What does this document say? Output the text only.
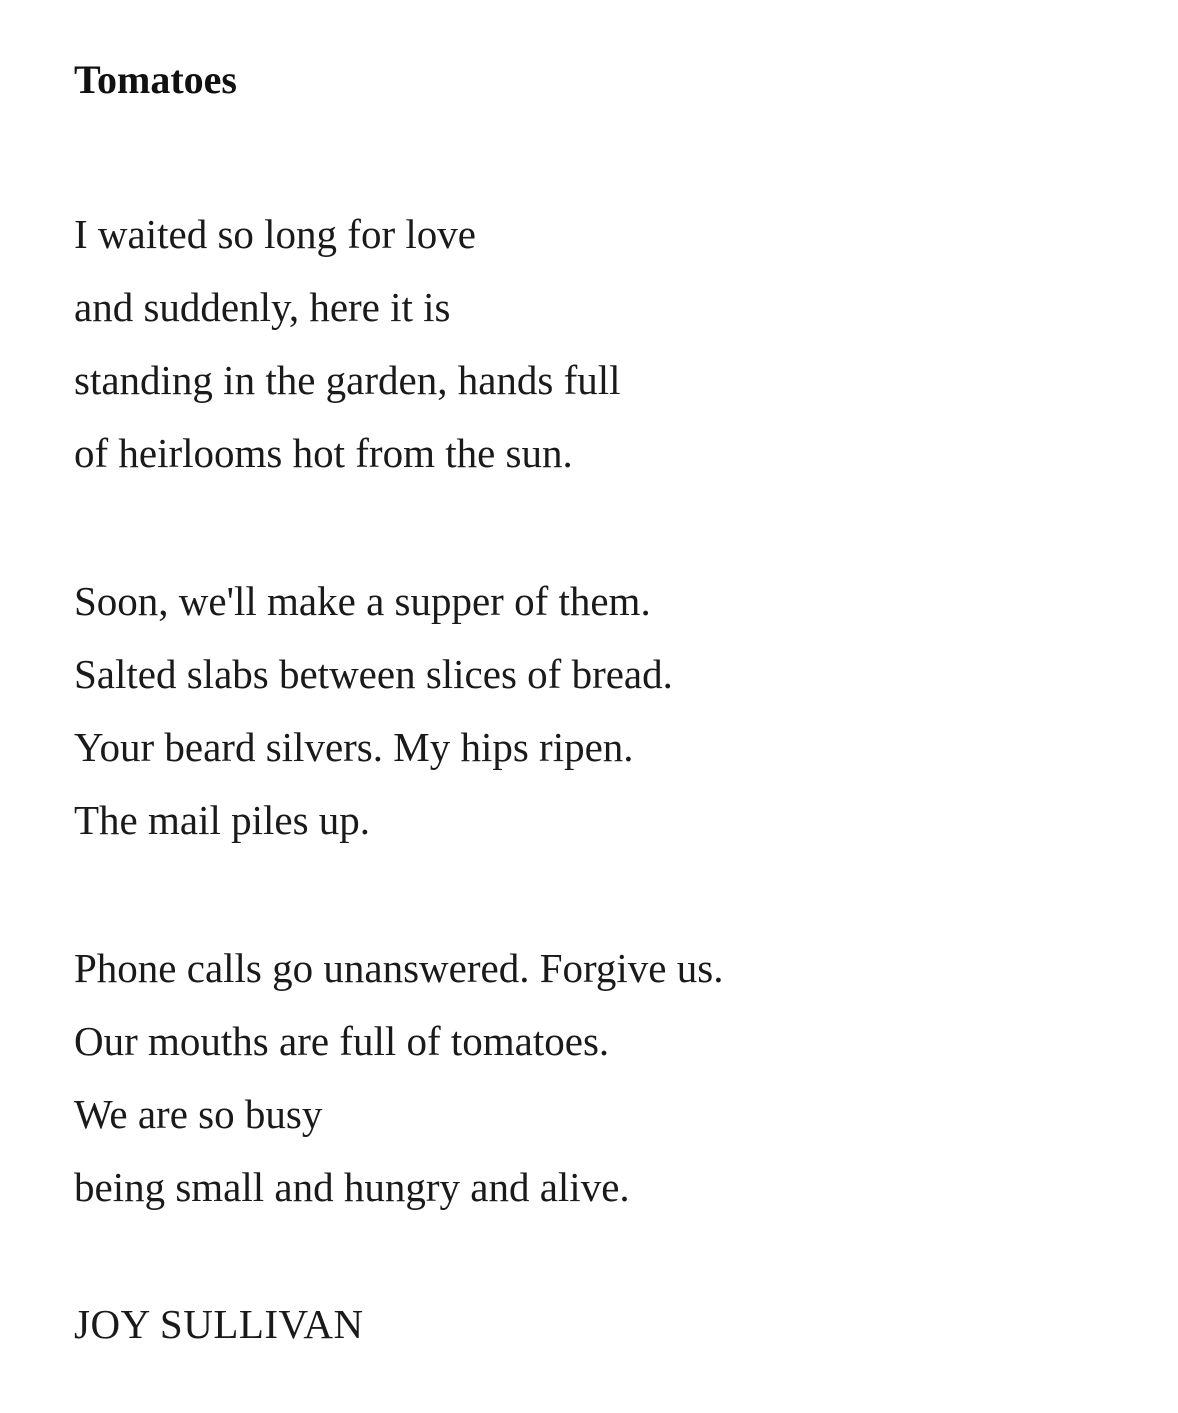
Tomatoes
I waited so long for love
and suddenly, here it is
standing in the garden, hands full
of heirlooms hot from the sun.
Soon, we'll make a supper of them.
Salted slabs between slices of bread.
Your beard silvers. My hips ripen.
The mail piles up.
Phone calls go unanswered. Forgive us.
Our mouths are full of tomatoes.
We are so busy
being small and hungry and alive.

JOY SULLIVAN
